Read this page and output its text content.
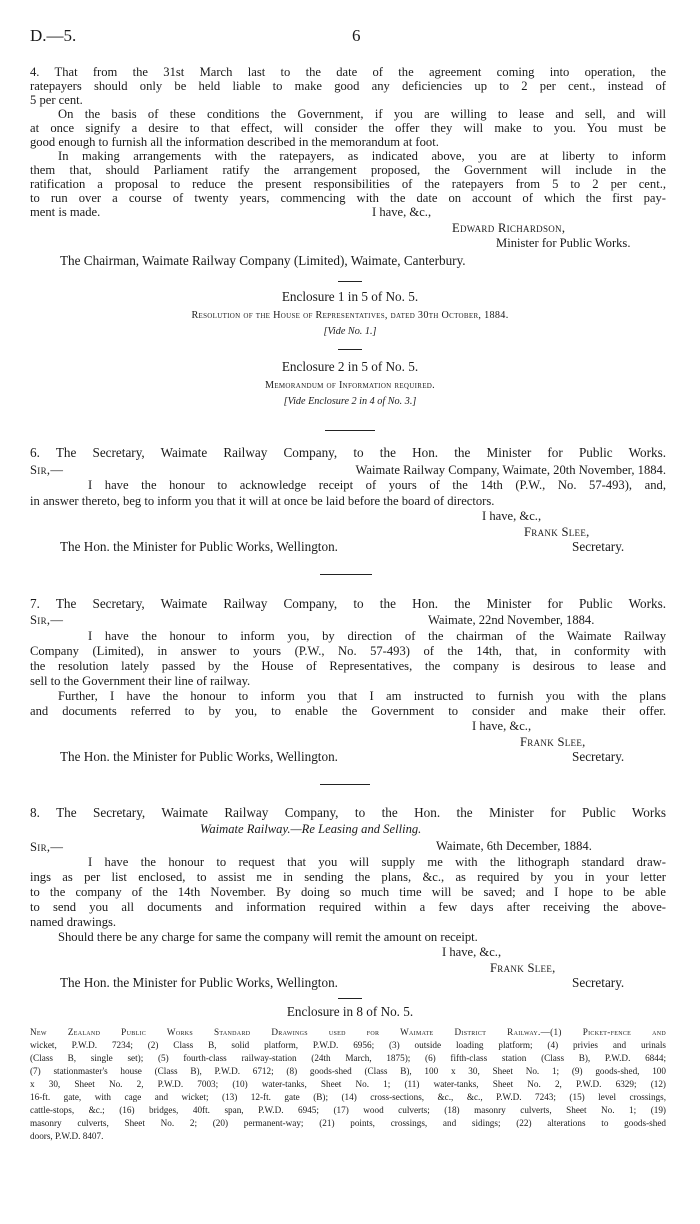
D.—5.	6
4. That from the 31st March last to the date of the agreement coming into operation, the
ratepayers should only be held liable to make good any deficiencies up to 2 per cent., instead of
5 per cent.
On the basis of these conditions the Government, if you are willing to lease and sell, and will
at once signify a desire to that effect, will consider the offer they will make to you. You must be
good enough to furnish all the information described in the memorandum at foot.
In making arrangements with the ratepayers, as indicated above, you are at liberty to inform
them that, should Parliament ratify the arrangement proposed, the Government will include in the
ratification a proposal to reduce the present responsibilities of the ratepayers from 5 to 2 per cent.,
to run over a course of twenty years, commencing with the date on account of which the first pay-
ment is made.	I have, &c.,
Edward Richardson,
Minister for Public Works.
The Chairman, Waimate Railway Company (Limited), Waimate, Canterbury.
Enclosure 1 in 5 of No. 5.
Resolution of the House of Representatives, dated 30th October, 1884.
[Vide No. 1.]
Enclosure 2 in 5 of No. 5.
Memorandum of Information required.
[Vide Enclosure 2 in 4 of No. 3.]
6. The Secretary, Waimate Railway Company, to the Hon. the Minister for Public Works.
Sir,—	Waimate Railway Company, Waimate, 20th November, 1884.
I have the honour to acknowledge receipt of yours of the 14th (P.W., No. 57-493), and,
in answer thereto, beg to inform you that it will at once be laid before the board of directors.
I have, &c.,
Frank Slee,
The Hon. the Minister for Public Works, Wellington.	Secretary.
7. The Secretary, Waimate Railway Company, to the Hon. the Minister for Public Works.
Sir,—	Waimate, 22nd November, 1884.
I have the honour to inform you, by direction of the chairman of the Waimate Railway
Company (Limited), in answer to yours (P.W., No. 57-493) of the 14th, that, in conformity with
the resolution lately passed by the House of Representatives, the company is desirous to lease and
sell to the Government their line of railway.
Further, I have the honour to inform you that I am instructed to furnish you with the plans
and documents referred to by you, to enable the Government to consider and make their offer.
I have, &c.,
Frank Slee,
The Hon. the Minister for Public Works, Wellington.	Secretary.
8. The Secretary, Waimate Railway Company, to the Hon. the Minister for Public Works
Waimate Railway.—Re Leasing and Selling.
Sir,—	Waimate, 6th December, 1884.
I have the honour to request that you will supply me with the lithograph standard draw-
ings as per list enclosed, to assist me in sending the plans, &c., as required by you in your letter
to the company of the 14th November. By doing so much time will be saved; and I hope to be able
to send you all documents and information required within a few days after receiving the above-
named drawings.
Should there be any charge for same the company will remit the amount on receipt.
I have, &c.,
Frank Slee,
The Hon. the Minister for Public Works, Wellington.	Secretary.
Enclosure in 8 of No. 5.
New Zealand Public Works Standard Drawings used for Waimate District Railway.—(1) Picket-fence and
wicket, P.W.D. 7234; (2) Class B, solid platform, P.W.D. 6956; (3) outside loading platform; (4) privies and urinals
(Class B, single set); (5) fourth-class railway-station (24th March, 1875); (6) fifth-class station (Class B), P.W.D. 6844;
(7) stationmaster's house (Class B), P.W.D. 6712; (8) goods-shed (Class B), 100 x 30, Sheet No. 1; (9) goods-shed, 100
x 30, Sheet No. 2, P.W.D. 7003; (10) water-tanks, Sheet No. 1; (11) water-tanks, Sheet No. 2, P.W.D. 6329; (12)
16-ft. gate, with cage and wicket; (13) 12-ft. gate (B); (14) cross-sections, &c., &c., P.W.D. 7243; (15) level crossings,
cattle-stops, &c.; (16) bridges, 40ft. span, P.W.D. 6945; (17) wood culverts; (18) masonry culverts, Sheet No. 1; (19)
masonry culverts, Sheet No. 2; (20) permanent-way; (21) points, crossings, and sidings; (22) alterations to goods-shed
doors, P.W.D. 8407.
